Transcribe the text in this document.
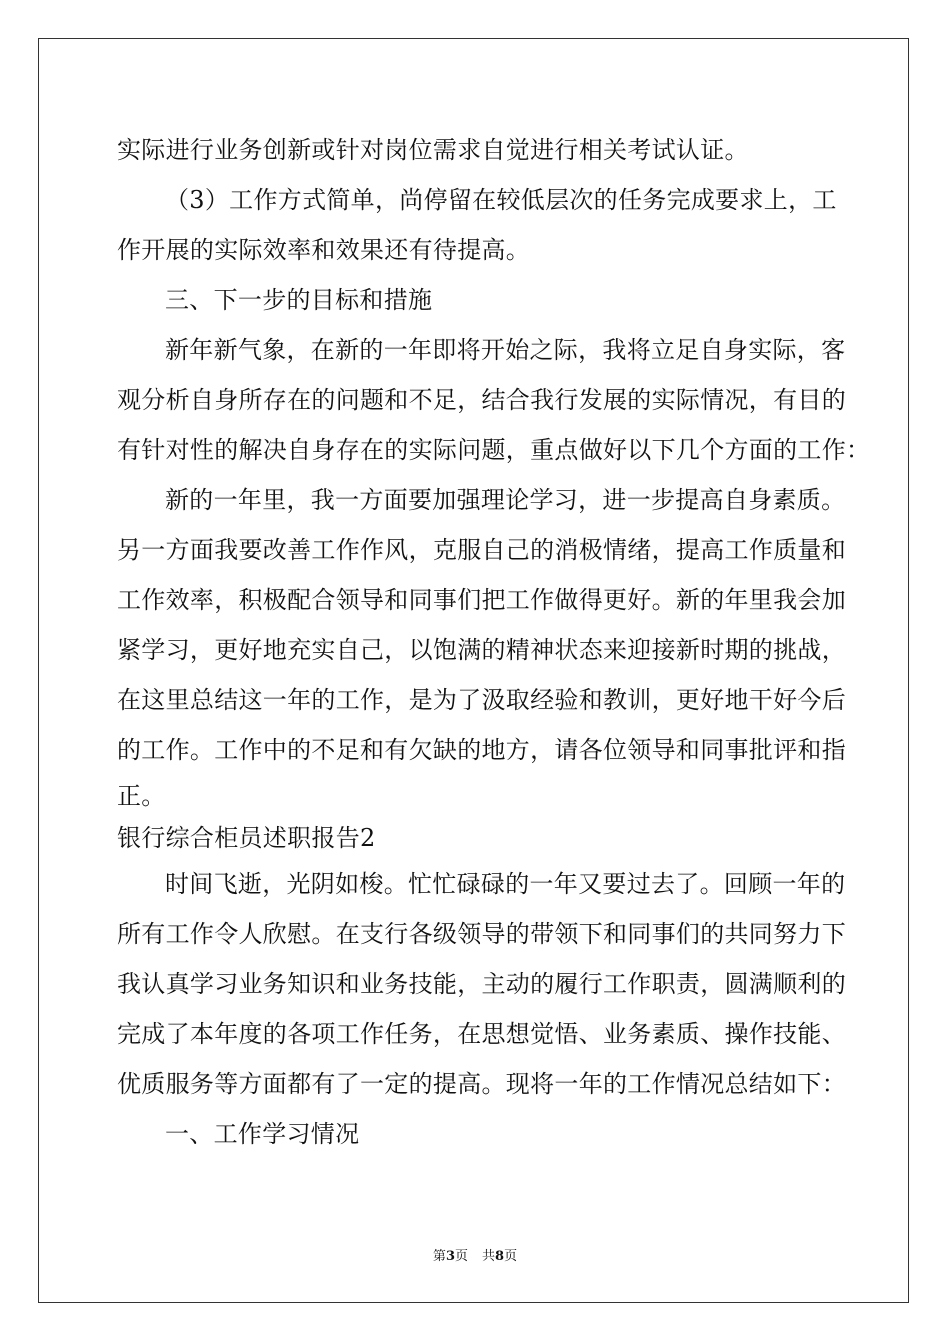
实际进行业务创新或针对岗位需求自觉进行相关考试认证。
（3）工作方式简单，尚停留在较低层次的任务完成要求上，工
作开展的实际效率和效果还有待提高。
三、下一步的目标和措施
新年新气象，在新的一年即将开始之际，我将立足自身实际，客
观分析自身所存在的问题和不足，结合我行发展的实际情况，有目的
有针对性的解决自身存在的实际问题，重点做好以下几个方面的工作：
新的一年里，我一方面要加强理论学习，进一步提高自身素质。
另一方面我要改善工作作风，克服自己的消极情绪，提高工作质量和
工作效率，积极配合领导和同事们把工作做得更好。新的年里我会加
紧学习，更好地充实自己，以饱满的精神状态来迎接新时期的挑战，
在这里总结这一年的工作，是为了汲取经验和教训，更好地干好今后
的工作。工作中的不足和有欠缺的地方，请各位领导和同事批评和指
正。
银行综合柜员述职报告2
时间飞逝，光阴如梭。忙忙碌碌的一年又要过去了。回顾一年的
所有工作令人欣慰。在支行各级领导的带领下和同事们的共同努力下
我认真学习业务知识和业务技能，主动的履行工作职责，圆满顺利的
完成了本年度的各项工作任务，在思想觉悟、业务素质、操作技能、
优质服务等方面都有了一定的提高。现将一年的工作情况总结如下：
一、工作学习情况
第3页 共8页
